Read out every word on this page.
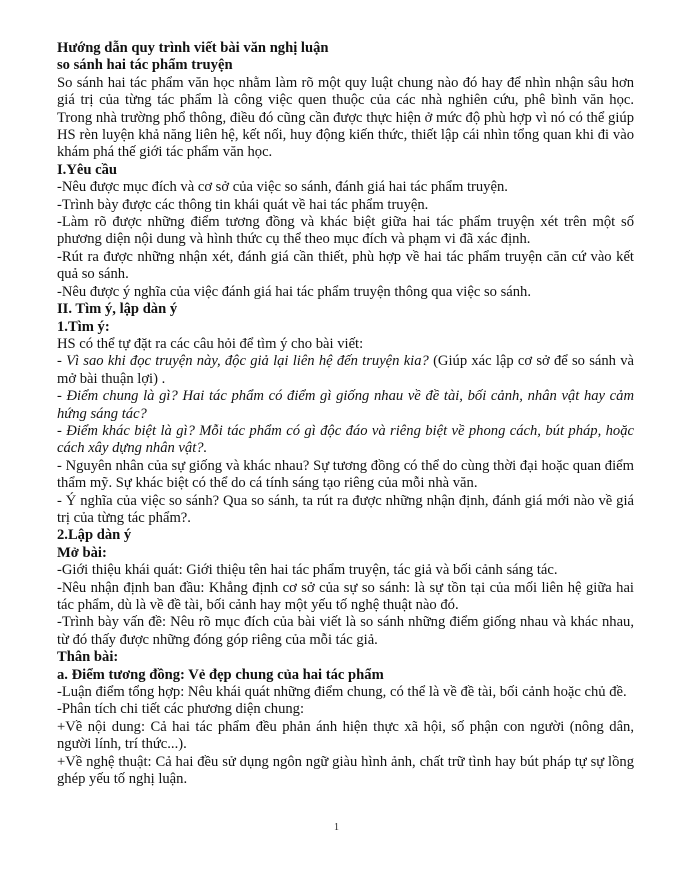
Hướng dẫn quy trình viết bài văn nghị luận

so sánh hai tác phẩm truyện

So sánh hai tác phẩm văn học nhằm làm rõ một quy luật chung nào đó hay để nhìn nhận sâu hơn giá trị của từng tác phẩm là công việc quen thuộc của các nhà nghiên cứu, phê bình văn học. Trong nhà trường phổ thông, điều đó cũng cần được thực hiện ở mức độ phù hợp vì nó có thể giúp HS rèn luyện khả năng liên hệ, kết nối, huy động kiến thức, thiết lập cái nhìn tổng quan khi đi vào khám phá thế giới tác phẩm văn học.

I.Yêu cầu

-Nêu được mục đích và cơ sở của việc so sánh, đánh giá hai tác phẩm truyện.

-Trình bày được các thông tin khái quát về hai tác phẩm truyện.

-Làm rõ được những điểm tương đồng và khác biệt giữa hai tác phẩm truyện xét trên một số phương diện nội dung và hình thức cụ thể theo mục đích và phạm vi đã xác định.

-Rút ra được những nhận xét, đánh giá cần thiết, phù hợp về hai tác phẩm truyện căn cứ vào kết quả so sánh.

-Nêu được ý nghĩa của việc đánh giá hai tác phẩm truyện thông qua việc so sánh.

II. Tìm ý, lập dàn ý

1.Tìm ý:

HS có thể tự đặt ra các câu hỏi để tìm ý cho bài viết:

- Vì sao khi đọc truyện này, độc giả lại liên hệ đến truyện kia? (Giúp xác lập cơ sở để so sánh và mở bài thuận lợi) .

- Điểm chung là gì? Hai tác phẩm có điểm gì giống nhau về đề tài, bối cảnh, nhân vật hay cảm hứng sáng tác?

- Điểm khác biệt là gì? Mỗi tác phẩm có gì độc đáo và riêng biệt về phong cách, bút pháp, hoặc cách xây dựng nhân vật?.

- Nguyên nhân của sự giống và khác nhau? Sự tương đồng có thể do cùng thời đại hoặc quan điểm thẩm mỹ. Sự khác biệt có thể do cá tính sáng tạo riêng của mỗi nhà văn.

- Ý nghĩa của việc so sánh? Qua so sánh, ta rút ra được những nhận định, đánh giá mới nào về giá trị của từng tác phẩm?.

2.Lập dàn ý

Mở bài:

-Giới thiệu khái quát: Giới thiệu tên hai tác phẩm truyện, tác giả và bối cảnh sáng tác.

-Nêu nhận định ban đầu: Khẳng định cơ sở của sự so sánh: là sự tồn tại của mối liên hệ giữa hai tác phẩm, dù là về đề tài, bối cảnh hay một yếu tố nghệ thuật nào đó.

-Trình bày vấn đề: Nêu rõ mục đích của bài viết là so sánh những điểm giống nhau và khác nhau, từ đó thấy được những đóng góp riêng của mỗi tác giả.

Thân bài:

a. Điểm tương đồng: Vẻ đẹp chung của hai tác phẩm

-Luận điểm tổng hợp: Nêu khái quát những điểm chung, có thể là về đề tài, bối cảnh hoặc chủ đề.

-Phân tích chi tiết các phương diện chung:

+Về nội dung: Cả hai tác phẩm đều phản ánh hiện thực xã hội, số phận con người (nông dân, người lính, trí thức...).

+Về nghệ thuật: Cả hai đều sử dụng ngôn ngữ giàu hình ảnh, chất trữ tình hay bút pháp tự sự lồng ghép yếu tố nghị luận.

1
